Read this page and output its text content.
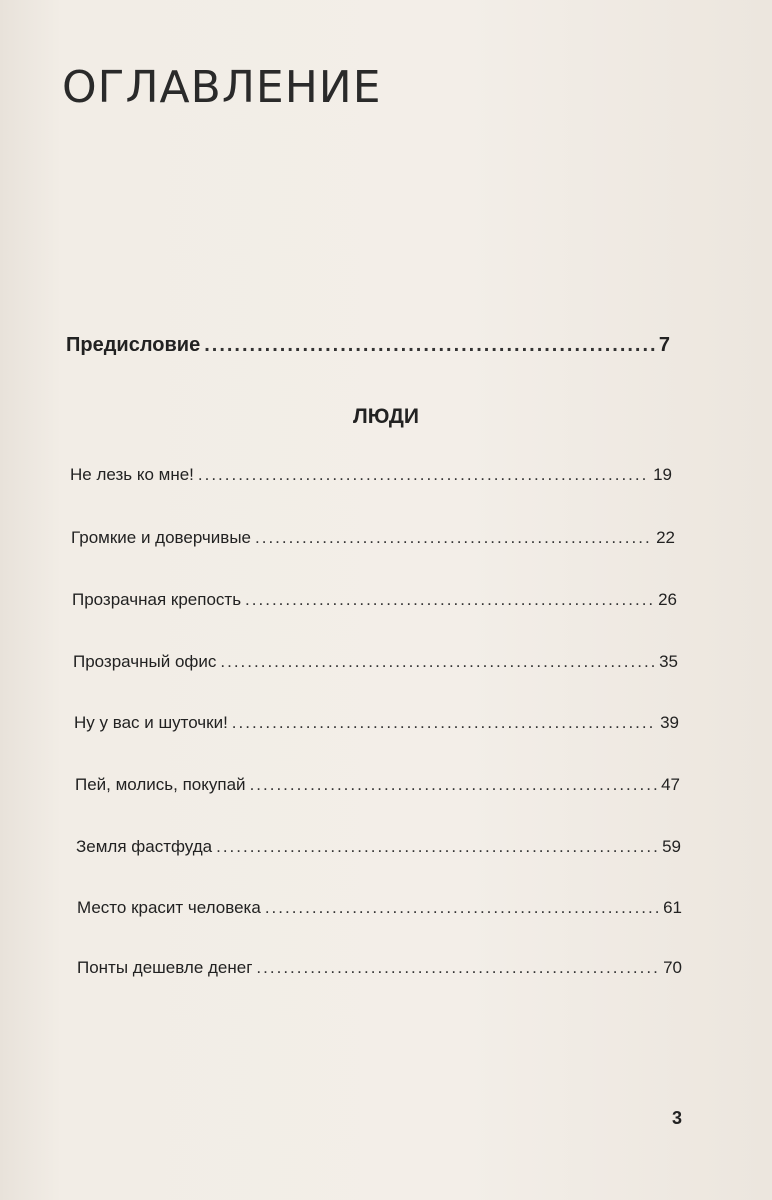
ОГЛАВЛЕНИЕ
Предисловие .....	7
ЛЮДИ
Не лезь ко мне! .....	19
Громкие и доверчивые .....	22
Прозрачная крепость .....	26
Прозрачный офис .....	35
Ну у вас и шуточки! .....	39
Пей, молись, покупай .....	47
Земля фастфуда .....	59
Место красит человека .....	61
Понты дешевле денег .....	70
3
